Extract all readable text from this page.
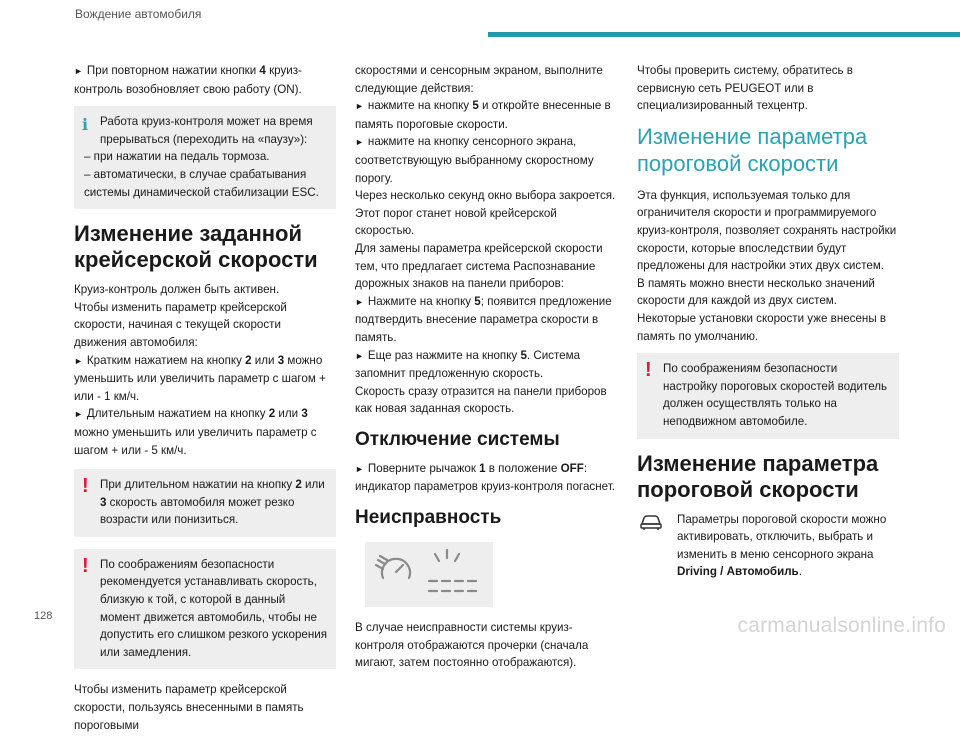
Вождение автомобиля

► При повторном нажатии кнопки 4 круиз-контроль возобновляет свою работу (ON).

ℹ	Работа круиз-контроля может на время прерываться (переходить на «паузу»):

– при нажатии на педаль тормоза.

– автоматически, в случае срабатывания системы динамической стабилизации ESC.

Изменение заданной крейсерской скорости

Круиз-контроль должен быть активен.

Чтобы изменить параметр крейсерской скорости, начиная с текущей скорости движения автомобиля:

► Кратким нажатием на кнопку 2 или 3 можно уменьшить или увеличить параметр с шагом + или - 1 км/ч.

► Длительным нажатием на кнопку 2 или 3 можно уменьшить или увеличить параметр с шагом + или - 5 км/ч.

! При длительном нажатии на кнопку 2 или 3 скорость автомобиля может резко возрасти или понизиться.

! По соображениям безопасности рекомендуется устанавливать скорость, близкую к той, с которой в данный момент движется автомобиль, чтобы не допустить его слишком резкого ускорения или замедления.

Чтобы изменить параметр крейсерской скорости, пользуясь внесенными в память пороговыми

скоростями и сенсорным экраном, выполните следующие действия:

► нажмите на кнопку 5 и откройте внесенные в память пороговые скорости.

► нажмите на кнопку сенсорного экрана, соответствующую выбранному скоростному порогу.

Через несколько секунд окно выбора закроется.

Этот порог станет новой крейсерской скоростью.

Для замены параметра крейсерской скорости тем, что предлагает система Распознавание дорожных знаков на панели приборов:

► Нажмите на кнопку 5; появится предложение подтвердить внесение параметра скорости в память.

► Еще раз нажмите на кнопку 5. Система запомнит предложенную скорость.

Скорость сразу отразится на панели приборов как новая заданная скорость.

Отключение системы

► Поверните рычажок 1 в положение OFF: индикатор параметров круиз-контроля погаснет.

Неисправность

В случае неисправности системы круиз-контроля отображаются прочерки (сначала мигают, затем постоянно отображаются).

Чтобы проверить систему, обратитесь в сервисную сеть PEUGEOT или в специализированный техцентр.

Изменение параметра пороговой скорости

Эта функция, используемая только для ограничителя скорости и программируемого круиз-контроля, позволяет сохранять настройки скорости, которые впоследствии будут предложены для настройки этих двух систем.

В память можно внести несколько значений скорости для каждой из двух систем.

Некоторые установки скорости уже внесены в память по умолчанию.

! По соображениям безопасности настройку пороговых скоростей водитель должен осуществлять только на неподвижном автомобиле.

Изменение параметра пороговой скорости

Параметры пороговой скорости можно активировать, отключить, выбрать и изменить в меню сенсорного экрана Driving / Автомобиль.

128	carmanualsonline.info
